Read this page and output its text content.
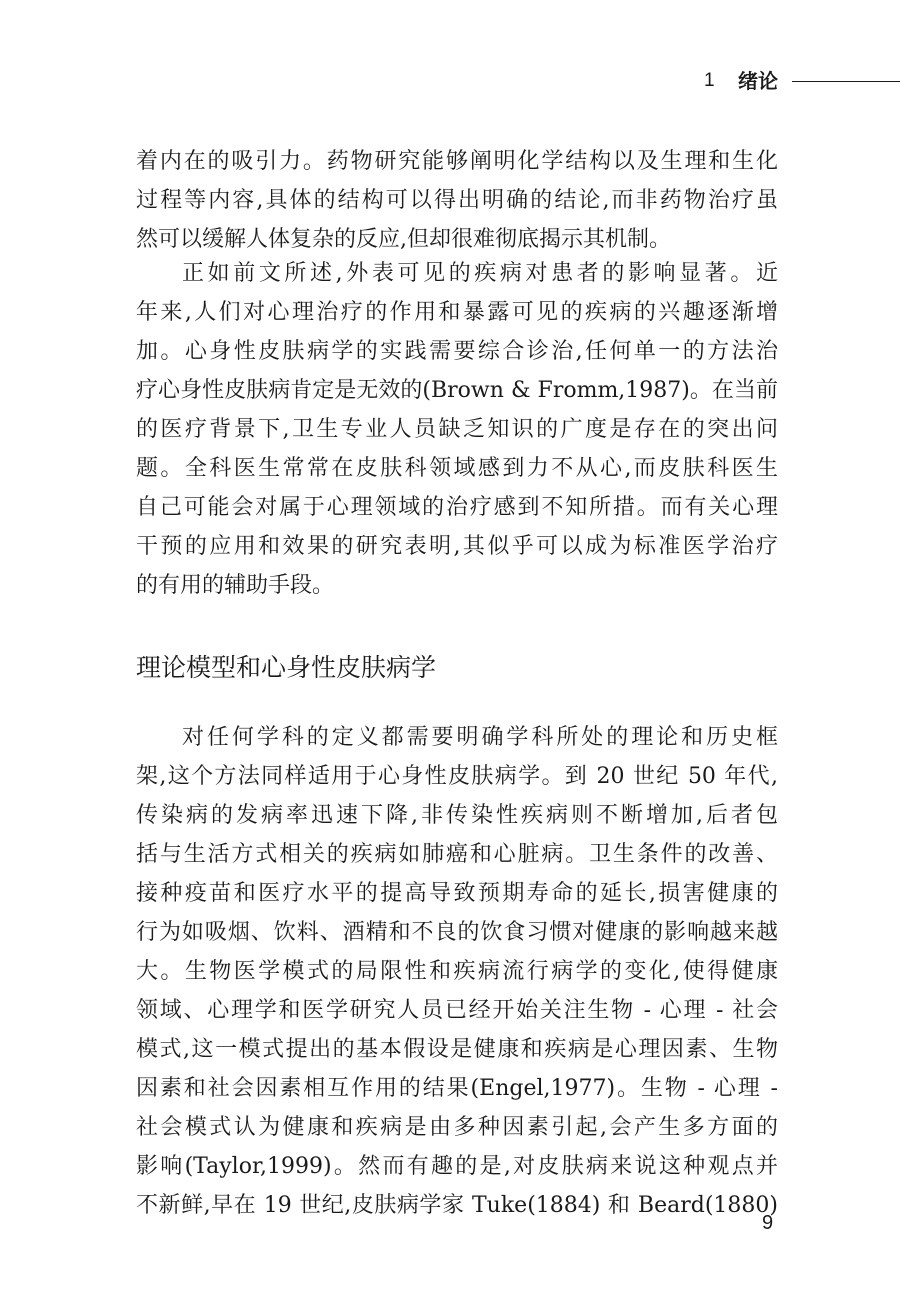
1 绪论
着内在的吸引力。药物研究能够阐明化学结构以及生理和生化
过程等内容,具体的结构可以得出明确的结论,而非药物治疗虽
然可以缓解人体复杂的反应,但却很难彻底揭示其机制。
正如前文所述,外表可见的疾病对患者的影响显著。近
年来,人们对心理治疗的作用和暴露可见的疾病的兴趣逐渐增
加。心身性皮肤病学的实践需要综合诊治,任何单一的方法治
疗心身性皮肤病肯定是无效的(Brown & Fromm,1987)。在当前
的医疗背景下,卫生专业人员缺乏知识的广度是存在的突出问
题。全科医生常常在皮肤科领域感到力不从心,而皮肤科医生
自己可能会对属于心理领域的治疗感到不知所措。而有关心理
干预的应用和效果的研究表明,其似乎可以成为标准医学治疗
的有用的辅助手段。
理论模型和心身性皮肤病学
对任何学科的定义都需要明确学科所处的理论和历史框
架,这个方法同样适用于心身性皮肤病学。到 20 世纪 50 年代,
传染病的发病率迅速下降,非传染性疾病则不断增加,后者包
括与生活方式相关的疾病如肺癌和心脏病。卫生条件的改善、
接种疫苗和医疗水平的提高导致预期寿命的延长,损害健康的
行为如吸烟、饮料、酒精和不良的饮食习惯对健康的影响越来越
大。生物医学模式的局限性和疾病流行病学的变化,使得健康
领域、心理学和医学研究人员已经开始关注生物 - 心理 - 社会
模式,这一模式提出的基本假设是健康和疾病是心理因素、生物
因素和社会因素相互作用的结果(Engel,1977)。生物 - 心理 -
社会模式认为健康和疾病是由多种因素引起,会产生多方面的
影响(Taylor,1999)。然而有趣的是,对皮肤病来说这种观点并
不新鲜,早在 19 世纪,皮肤病学家 Tuke(1884) 和 Beard(1880)
9
